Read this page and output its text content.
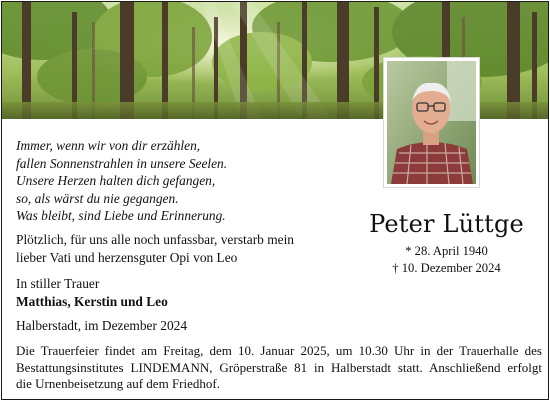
Immer, wenn wir von dir erzählen,
fallen Sonnenstrahlen in unsere Seelen.
Unsere Herzen halten dich gefangen,
so, als wärst du nie gegangen.
Was bleibt, sind Liebe und Erinnerung.	Peter Lüttge
* 28. April 1940
† 10. Dezember 2024
Plötzlich, für uns alle noch unfassbar, verstarb mein
lieber Vati und herzensguter Opi von Leo
In stiller Trauer
Matthias, Kerstin und Leo
Halberstadt, im Dezember 2024
Die Trauerfeier findet am Freitag, dem 10. Januar 2025, um 10.30 Uhr in der Trauerhalle des
Bestattungsinstitutes LINDEMANN, Gröperstraße 81 in Halberstadt statt. Anschließend erfolgt
die Urnenbeisetzung auf dem Friedhof.
